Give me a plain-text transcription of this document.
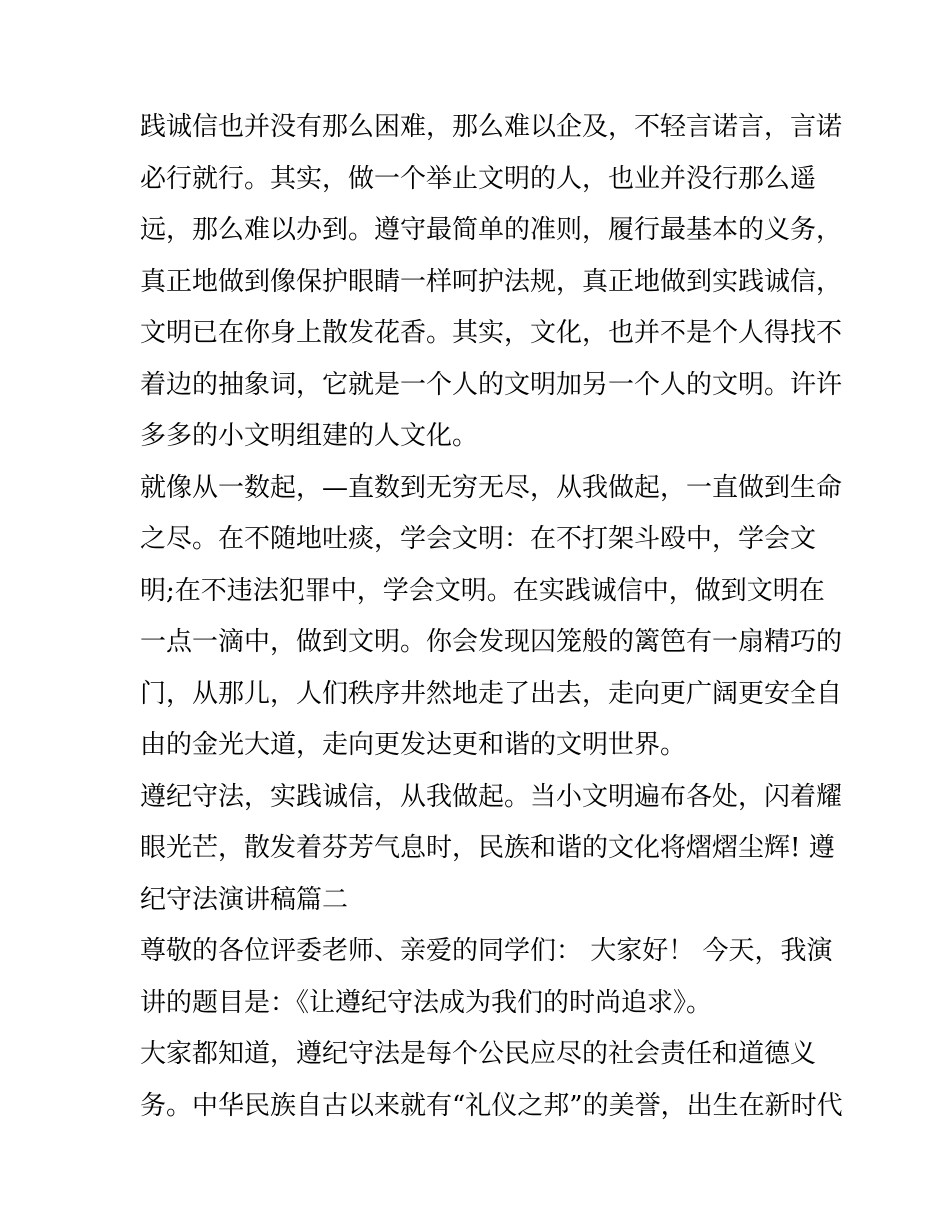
践诚信也并没有那么困难，那么难以企及，不轻言诺言，言诺
必行就行。其实，做一个举止文明的人，也业并没行那么遥
远，那么难以办到。遵守最简单的准则，履行最基本的义务，
真正地做到像保护眼睛一样呵护法规，真正地做到实践诚信，
文明已在你身上散发花香。其实，文化，也并不是个人得找不
着边的抽象词，它就是一个人的文明加另一个人的文明。许许
多多的小文明组建的人文化。
就像从一数起，—直数到无穷无尽，从我做起，一直做到生命
之尽。在不随地吐痰，学会文明：在不打架斗殴中，学会文
明;在不违法犯罪中，学会文明。在实践诚信中，做到文明在
一点一滴中，做到文明。你会发现囚笼般的篱笆有一扇精巧的
门，从那儿，人们秩序井然地走了出去，走向更广阔更安全自
由的金光大道，走向更发达更和谐的文明世界。
遵纪守法，实践诚信，从我做起。当小文明遍布各处，闪着耀
眼光芒，散发着芬芳气息时，民族和谐的文化将熠熠尘辉! 遵
纪守法演讲稿篇二
尊敬的各位评委老师、亲爱的同学们： 大家好！ 今天，我演
讲的题目是：《让遵纪守法成为我们的时尚追求》。
大家都知道，遵纪守法是每个公民应尽的社会责任和道德义
务。中华民族自古以来就有“礼仪之邦”的美誉，出生在新时代
